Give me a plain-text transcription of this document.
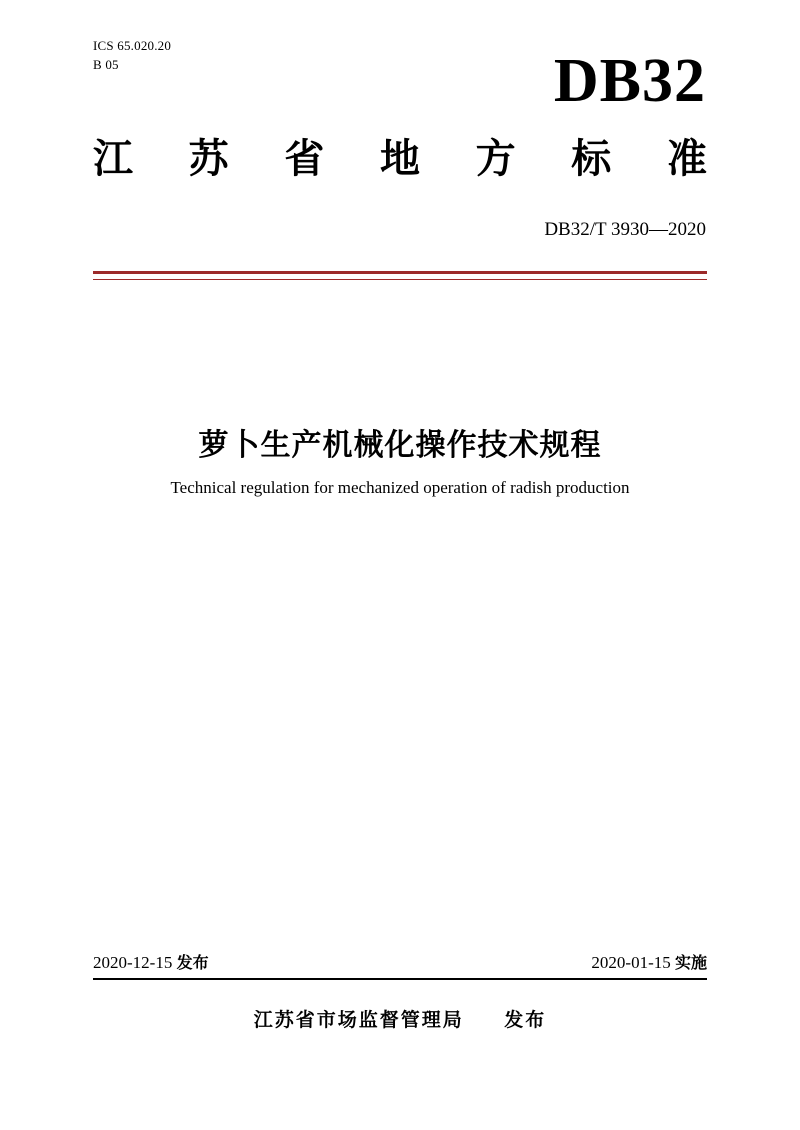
ICS 65.020.20
B 05	DB32
江 苏 省 地 方 标 准
DB32/T 3930—2020
萝卜生产机械化操作技术规程
Technical regulation for mechanized operation of radish production
2020-12-15 发布	2020-01-15 实施
江苏省市场监督管理局 发布
